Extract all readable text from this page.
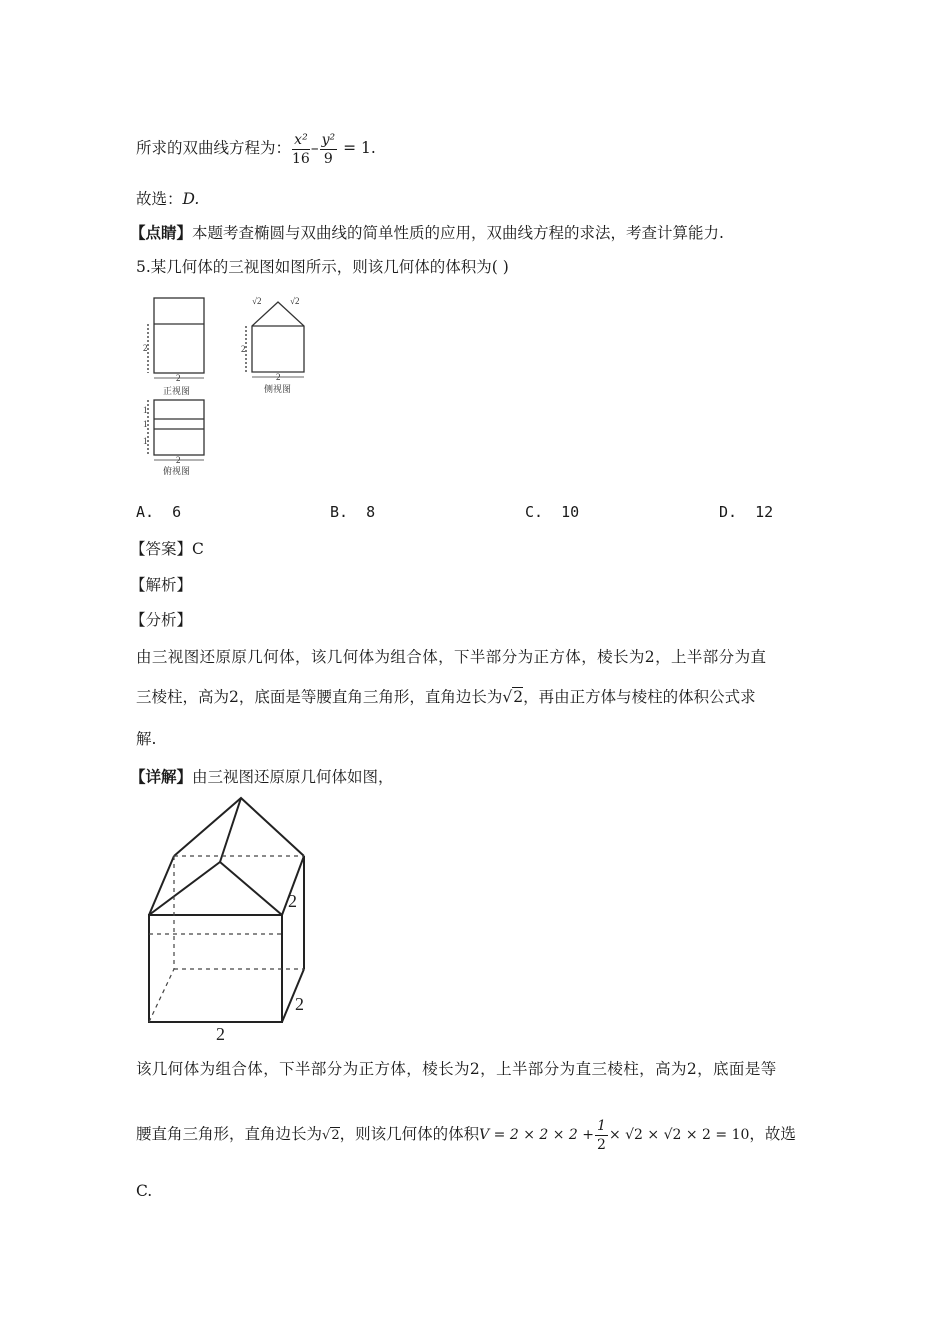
所求的双曲线方程为： $\frac{\text{x²}}{16} - \frac{\text{y²}}{9} = 1$.
故选：D.
【点睛】本题考查椭圆与双曲线的简单性质的应用，双曲线方程的求法，考查计算能力.
5.某几何体的三视图如图所示，则该几何体的体积为( )
2
2
正视图
√2	√2
2
2
侧视图
1
1
1
2
俯视图
A. 6	B. 8	C. 10	D. 12
【答案】C
【解析】
【分析】
由三视图还原原几何体，该几何体为组合体，下半部分为正方体，棱长为2，上半部分为直
三棱柱，高为2，底面是等腰直角三角形，直角边长为√2，再由正方体与棱柱的体积公式求
解.
【详解】由三视图还原原几何体如图，
2
2
2
该几何体为组合体，下半部分为正方体，棱长为2，上半部分为直三棱柱，高为2，底面是等
腰直角三角形，直角边长为√2，则该几何体的体积$V = 2 \times 2 \times 2 + \frac{1}{2} \times √2 \times √2 \times 2 = 10$，故选
C.
